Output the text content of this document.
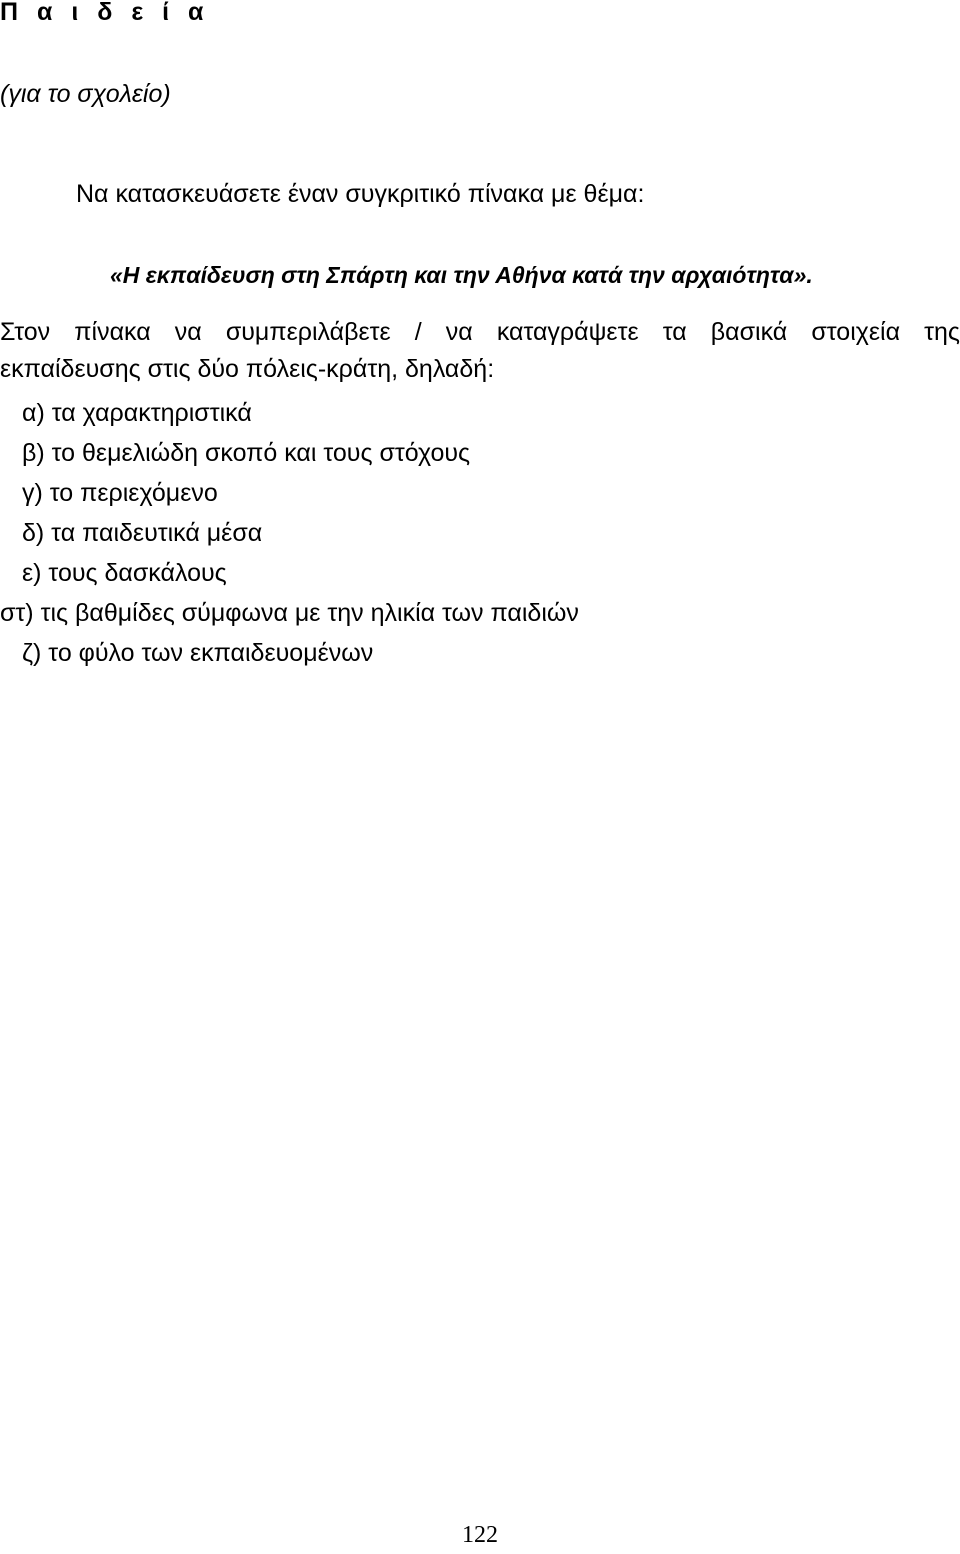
Π α ι δ ε ί α
(για το σχολείο)
Να κατασκευάσετε έναν συγκριτικό πίνακα με θέμα:
«Η εκπαίδευση στη Σπάρτη και την Αθήνα κατά την αρχαιότητα».
Στον πίνακα να συμπεριλάβετε / να καταγράψετε τα βασικά στοιχεία της
εκπαίδευσης στις δύο πόλεις-κράτη, δηλαδή:
α) τα χαρακτηριστικά
β) το θεμελιώδη σκοπό και τους στόχους
γ) το περιεχόμενο
δ) τα παιδευτικά μέσα
ε) τους δασκάλους
στ) τις βαθμίδες σύμφωνα με την ηλικία των παιδιών
ζ) το φύλο των εκπαιδευομένων
122
